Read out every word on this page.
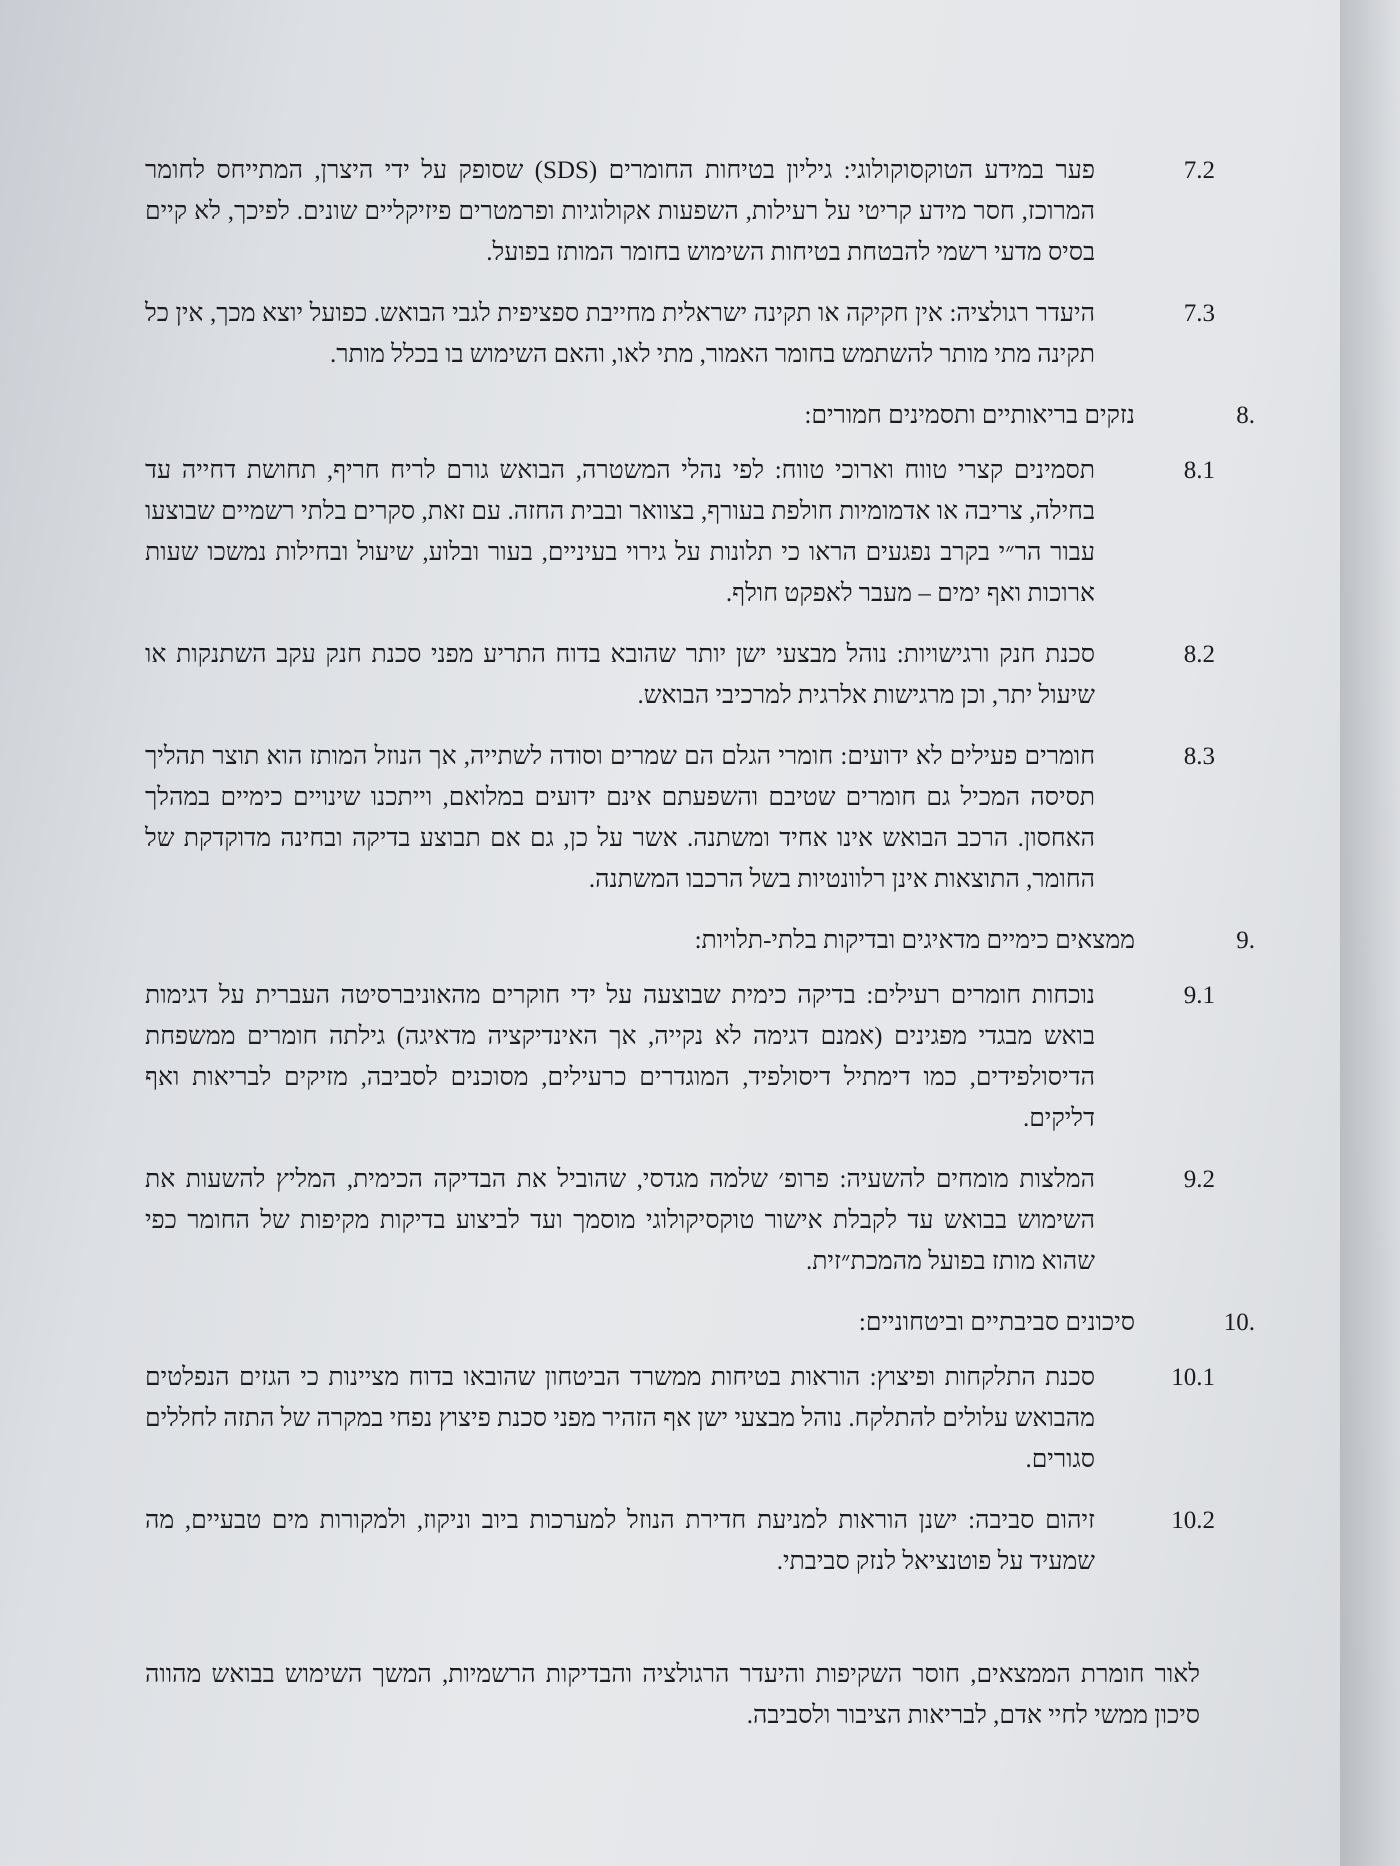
7.2

פער במידע הטוקסוקולוגי: גיליון בטיחות החומרים (SDS) שסופק על ידי היצרן, המתייחס לחומר המרוכז, חסר מידע קריטי על רעילות, השפעות אקולוגיות ופרמטרים פיזיקליים שונים. לפיכך, לא קיים בסיס מדעי רשמי להבטחת בטיחות השימוש בחומר המותז בפועל.

7.3

היעדר רגולציה: אין חקיקה או תקינה ישראלית מחייבת ספציפית לגבי הבואש. כפועל יוצא מכך, אין כל תקינה מתי מותר להשתמש בחומר האמור, מתי לאו, והאם השימוש בו בכלל מותר.

8.

נזקים בריאותיים ותסמינים חמורים:

8.1

תסמינים קצרי טווח וארוכי טווח: לפי נהלי המשטרה, הבואש גורם לריח חריף, תחושת דחייה עד בחילה, צריבה או אדמומיות חולפת בעורף, בצוואר ובבית החזה. עם זאת, סקרים בלתי רשמיים שבוצעו עבור הר״י בקרב נפגעים הראו כי תלונות על גירוי בעיניים, בעור ובלוע, שיעול ובחילות נמשכו שעות ארוכות ואף ימים – מעבר לאפקט חולף.

8.2

סכנת חנק ורגישויות: נוהל מבצעי ישן יותר שהובא בדוח התריע מפני סכנת חנק עקב השתנקות או שיעול יתר, וכן מרגישות אלרגית למרכיבי הבואש.

8.3

חומרים פעילים לא ידועים: חומרי הגלם הם שמרים וסודה לשתייה, אך הנוזל המותז הוא תוצר תהליך תסיסה המכיל גם חומרים שטיבם והשפעתם אינם ידועים במלואם, וייתכנו שינויים כימיים במהלך האחסון. הרכב הבואש אינו אחיד ומשתנה. אשר על כן, גם אם תבוצע בדיקה ובחינה מדוקדקת של החומר, התוצאות אינן רלוונטיות בשל הרכבו המשתנה.

9.

ממצאים כימיים מדאיגים ובדיקות בלתי-תלויות:

9.1

נוכחות חומרים רעילים: בדיקה כימית שבוצעה על ידי חוקרים מהאוניברסיטה העברית על דגימות בואש מבגדי מפגינים (אמנם דגימה לא נקייה, אך האינדיקציה מדאיגה) גילתה חומרים ממשפחת הדיסולפידים, כמו דימתיל דיסולפיד, המוגדרים כרעילים, מסוכנים לסביבה, מזיקים לבריאות ואף דליקים.

9.2

המלצות מומחים להשעיה: פרופ׳ שלמה מגדסי, שהוביל את הבדיקה הכימית, המליץ להשעות את השימוש בבואש עד לקבלת אישור טוקסיקולוגי מוסמך ועד לביצוע בדיקות מקיפות של החומר כפי שהוא מותז בפועל מהמכת״זית.

10.

סיכונים סביבתיים וביטחוניים:

10.1

סכנת התלקחות ופיצוץ: הוראות בטיחות ממשרד הביטחון שהובאו בדוח מציינות כי הגזים הנפלטים מהבואש עלולים להתלקח. נוהל מבצעי ישן אף הזהיר מפני סכנת פיצוץ נפחי במקרה של התזה לחללים סגורים.

10.2

זיהום סביבה: ישנן הוראות למניעת חדירת הנוזל למערכות ביוב וניקוז, ולמקורות מים טבעיים, מה שמעיד על פוטנציאל לנזק סביבתי.

לאור חומרת הממצאים, חוסר השקיפות והיעדר הרגולציה והבדיקות הרשמיות, המשך השימוש בבואש מהווה סיכון ממשי לחיי אדם, לבריאות הציבור ולסביבה.
